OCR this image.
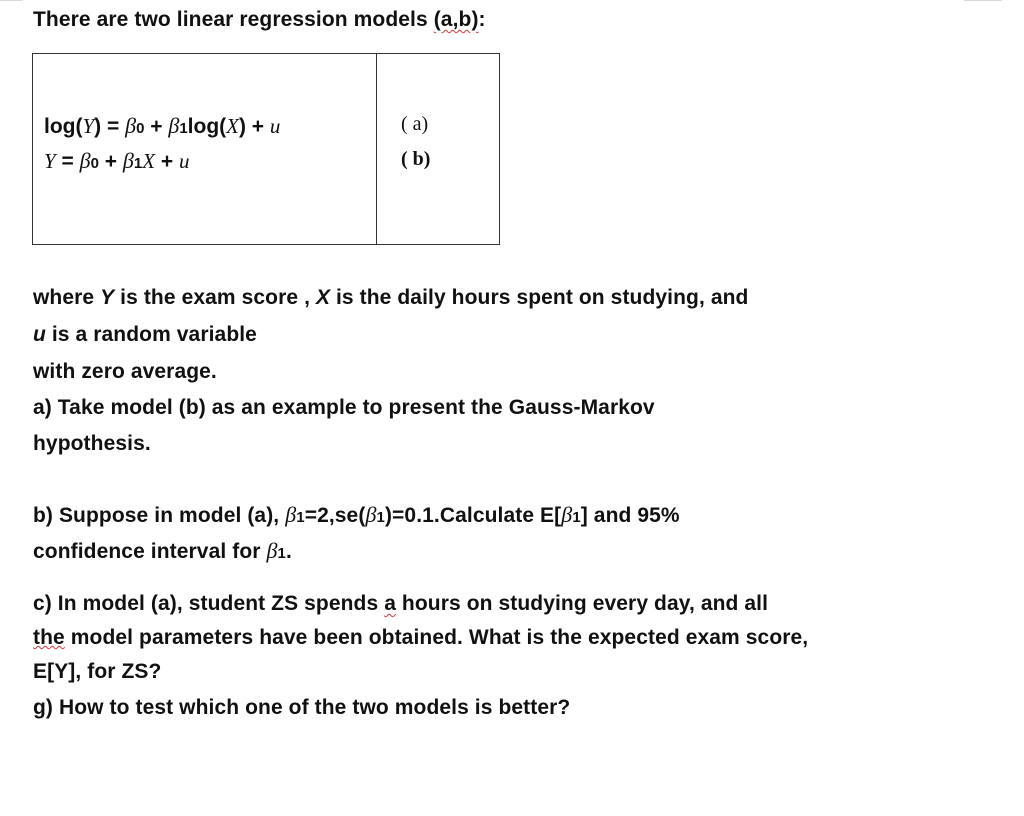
There are two linear regression models (a,b):
log(Y) = β0 + β1log(X) + u
Y = β0 + β1X + u
( a)
( b)
where Y is the exam score , X is the daily hours spent on studying, and
u is a random variable
with zero average.
a) Take model (b) as an example to present the Gauss-Markov
hypothesis.
b) Suppose in model (a), β1=2,se(β1)=0.1.Calculate E[β1] and 95%
confidence interval for β1.
c) In model (a), student ZS spends a hours on studying every day, and all
the model parameters have been obtained. What is the expected exam score,
E[Y], for ZS?
g) How to test which one of the two models is better?
